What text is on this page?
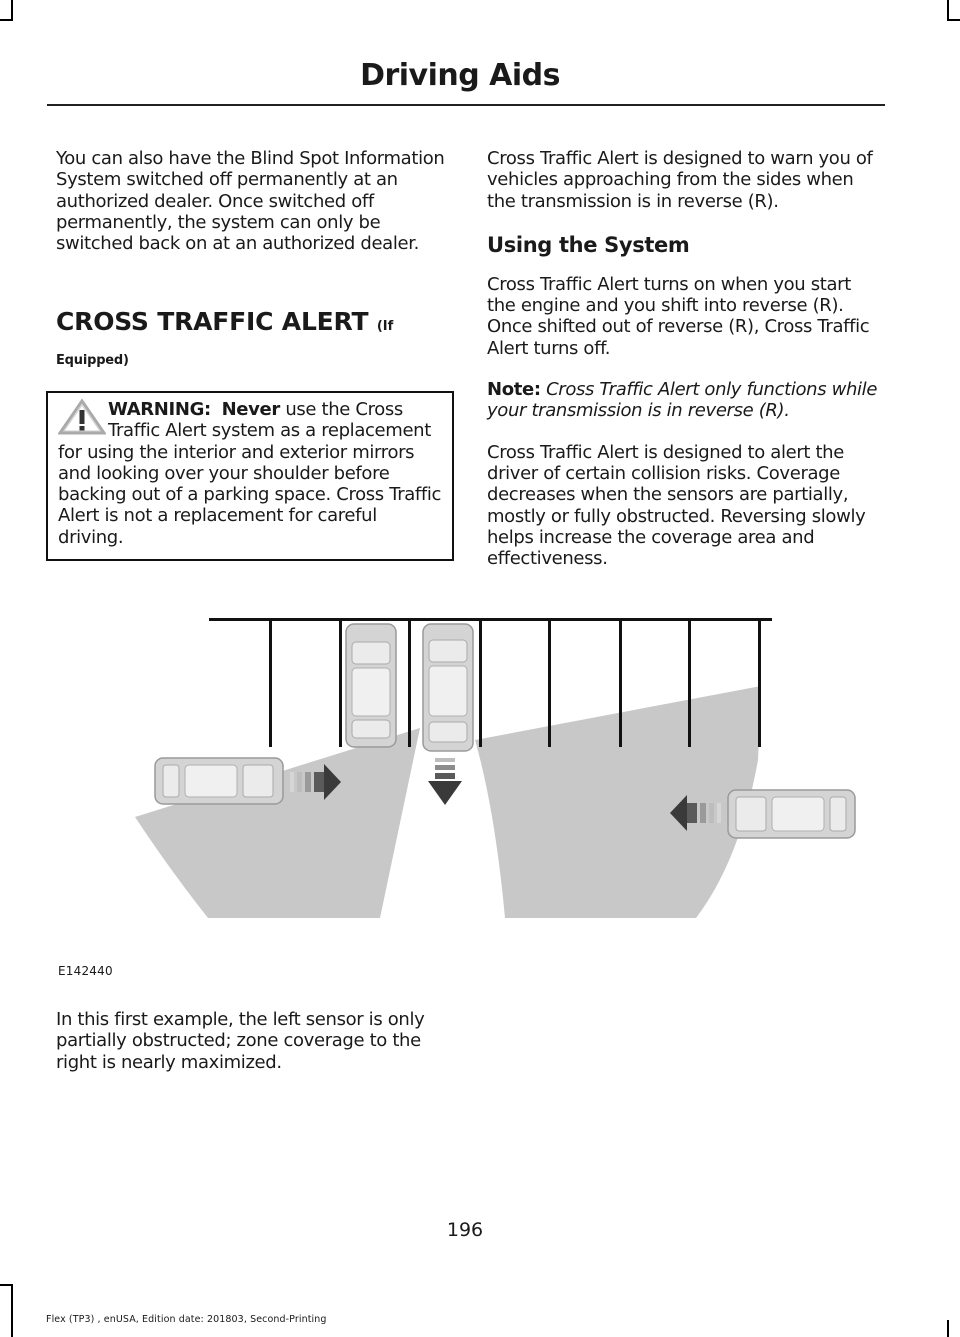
Driving Aids

You can also have the Blind Spot Information System switched off permanently at an authorized dealer. Once switched off permanently, the system can only be switched back on at an authorized dealer.

CROSS TRAFFIC ALERT (If
Equipped)
WARNING: Never use the Cross Traffic Alert system as a replacement for using the interior and exterior mirrors and looking over your shoulder before backing out of a parking space. Cross Traffic Alert is not a replacement for careful driving.

Cross Traffic Alert is designed to warn you of vehicles approaching from the sides when the transmission is in reverse (R).

Using the System

Cross Traffic Alert turns on when you start the engine and you shift into reverse (R). Once shifted out of reverse (R), Cross Traffic Alert turns off.

Note: Cross Traffic Alert only functions while your transmission is in reverse (R).

Cross Traffic Alert is designed to alert the driver of certain collision risks. Coverage decreases when the sensors are partially, mostly or fully obstructed. Reversing slowly helps increase the coverage area and effectiveness.

E142440
In this first example, the left sensor is only partially obstructed; zone coverage to the right is nearly maximized.
196
Flex (TP3) , enUSA, Edition date: 201803, Second-Printing
